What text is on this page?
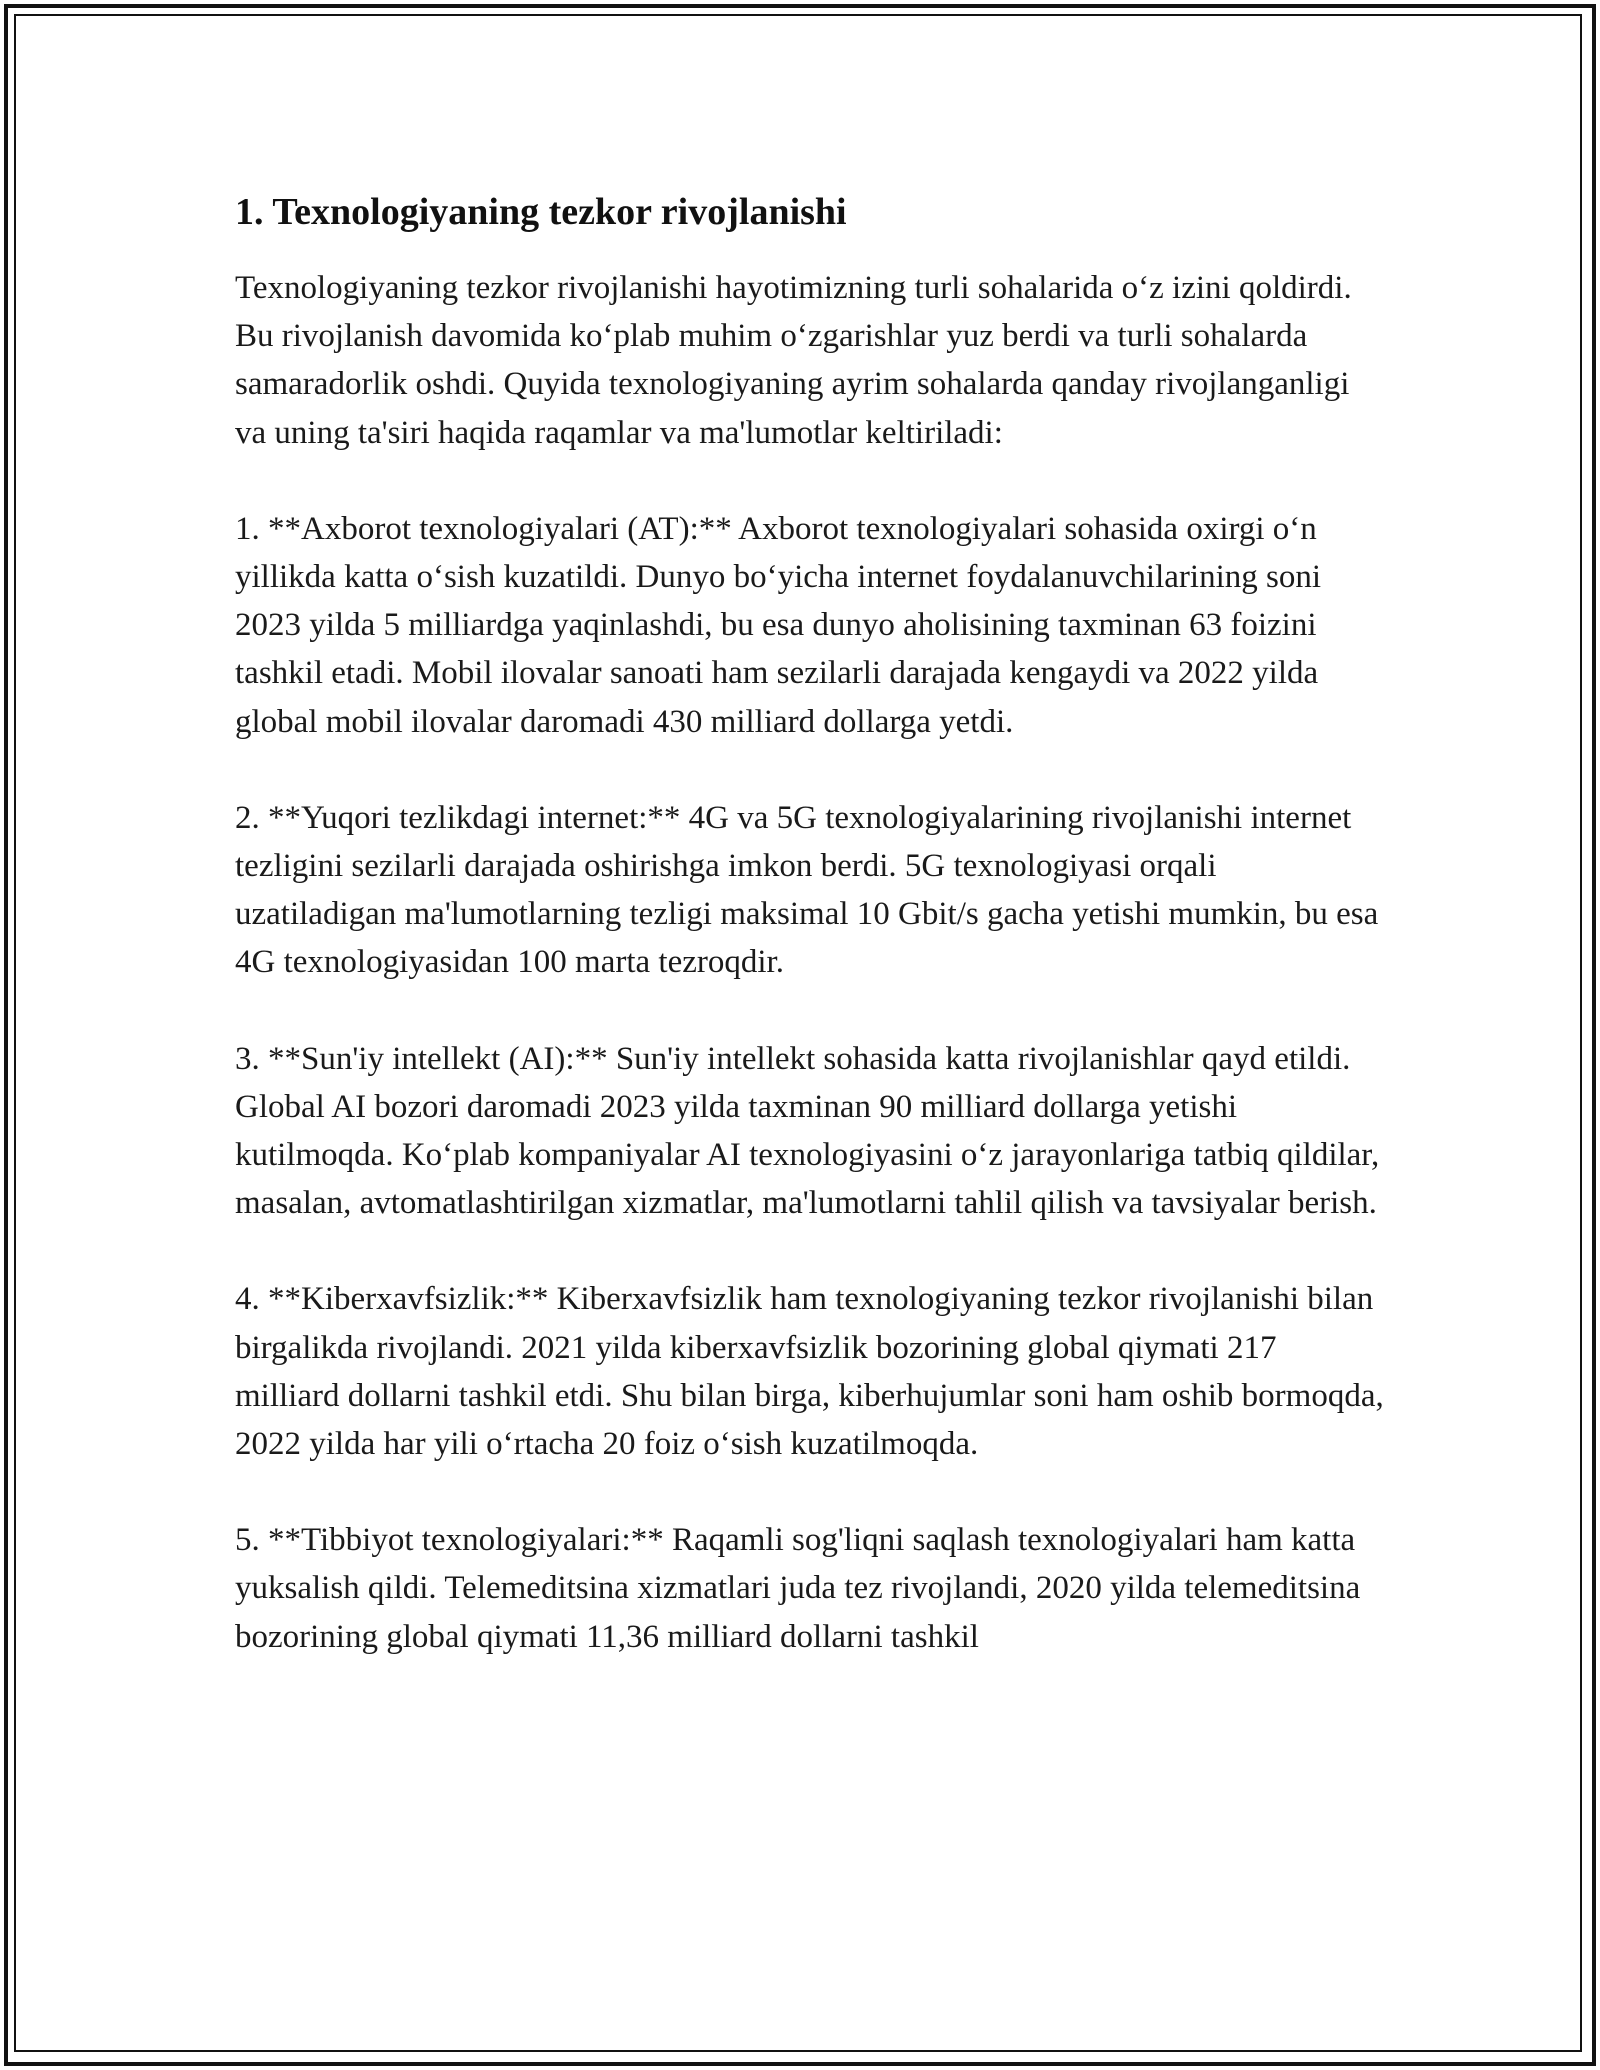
1. Texnologiyaning tezkor rivojlanishi

Texnologiyaning tezkor rivojlanishi hayotimizning turli sohalarida oʻz izini qoldirdi. Bu rivojlanish davomida koʻplab muhim oʻzgarishlar yuz berdi va turli sohalarda samaradorlik oshdi. Quyida texnologiyaning ayrim sohalarda qanday rivojlanganligi va uning ta'siri haqida raqamlar va ma'lumotlar keltiriladi:

1. **Axborot texnologiyalari (AT):** Axborot texnologiyalari sohasida oxirgi oʻn yillikda katta oʻsish kuzatildi. Dunyo boʻyicha internet foydalanuvchilarining soni 2023 yilda 5 milliardga yaqinlashdi, bu esa dunyo aholisining taxminan 63 foizini tashkil etadi. Mobil ilovalar sanoati ham sezilarli darajada kengaydi va 2022 yilda global mobil ilovalar daromadi 430 milliard dollarga yetdi.

2. **Yuqori tezlikdagi internet:** 4G va 5G texnologiyalarining rivojlanishi internet tezligini sezilarli darajada oshirishga imkon berdi. 5G texnologiyasi orqali uzatiladigan ma'lumotlarning tezligi maksimal 10 Gbit/s gacha yetishi mumkin, bu esa 4G texnologiyasidan 100 marta tezroqdir.

3. **Sun'iy intellekt (AI):** Sun'iy intellekt sohasida katta rivojlanishlar qayd etildi. Global AI bozori daromadi 2023 yilda taxminan 90 milliard dollarga yetishi kutilmoqda. Koʻplab kompaniyalar AI texnologiyasini oʻz jarayonlariga tatbiq qildilar, masalan, avtomatlashtirilgan xizmatlar, ma'lumotlarni tahlil qilish va tavsiyalar berish.

4. **Kiberxavfsizlik:** Kiberxavfsizlik ham texnologiyaning tezkor rivojlanishi bilan birgalikda rivojlandi. 2021 yilda kiberxavfsizlik bozorining global qiymati 217 milliard dollarni tashkil etdi. Shu bilan birga, kiberhujumlar soni ham oshib bormoqda, 2022 yilda har yili oʻrtacha 20 foiz oʻsish kuzatilmoqda.

5. **Tibbiyot texnologiyalari:** Raqamli sog'liqni saqlash texnologiyalari ham katta yuksalish qildi. Telemeditsina xizmatlari juda tez rivojlandi, 2020 yilda telemeditsina bozorining global qiymati 11,36 milliard dollarni tashkil
